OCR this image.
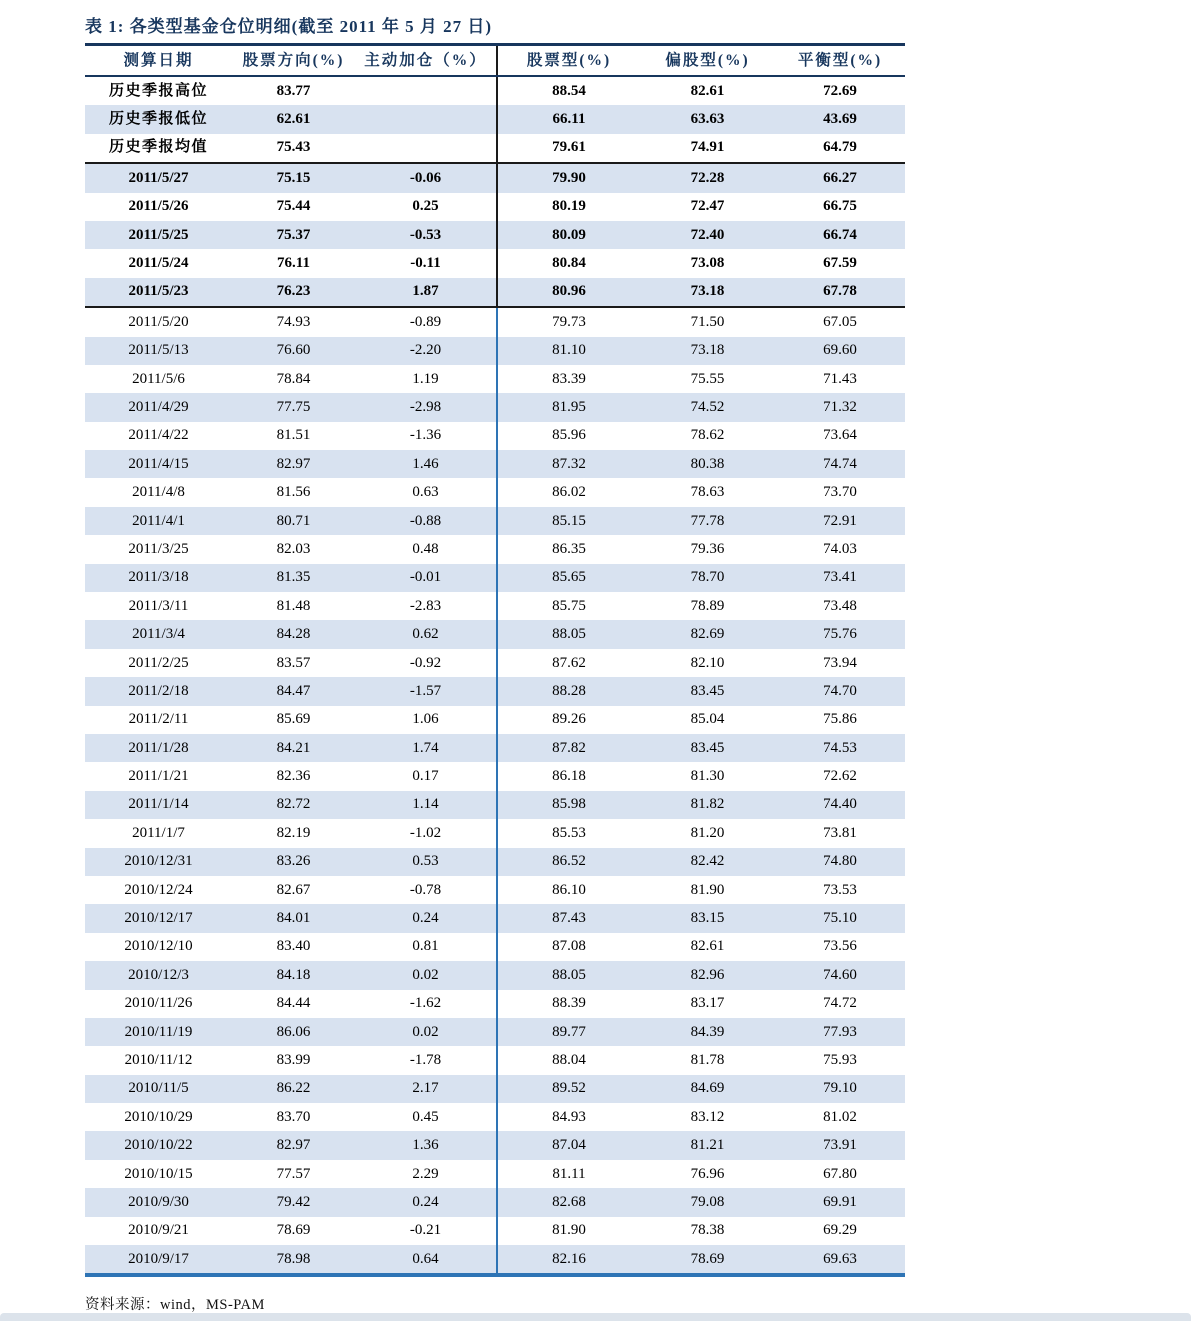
表 1: 各类型基金仓位明细(截至 2011 年 5 月 27 日)
测算日期	股票方向(%)	主动加仓（%）	股票型(%)	偏股型(%)	平衡型(%)
历史季报高位	83.77		88.54	82.61	72.69
历史季报低位	62.61		66.11	63.63	43.69
历史季报均值	75.43		79.61	74.91	64.79
2011/5/27	75.15	-0.06	79.90	72.28	66.27
2011/5/26	75.44	0.25	80.19	72.47	66.75
2011/5/25	75.37	-0.53	80.09	72.40	66.74
2011/5/24	76.11	-0.11	80.84	73.08	67.59
2011/5/23	76.23	1.87	80.96	73.18	67.78
2011/5/20	74.93	-0.89	79.73	71.50	67.05
2011/5/13	76.60	-2.20	81.10	73.18	69.60
2011/5/6	78.84	1.19	83.39	75.55	71.43
2011/4/29	77.75	-2.98	81.95	74.52	71.32
2011/4/22	81.51	-1.36	85.96	78.62	73.64
2011/4/15	82.97	1.46	87.32	80.38	74.74
2011/4/8	81.56	0.63	86.02	78.63	73.70
2011/4/1	80.71	-0.88	85.15	77.78	72.91
2011/3/25	82.03	0.48	86.35	79.36	74.03
2011/3/18	81.35	-0.01	85.65	78.70	73.41
2011/3/11	81.48	-2.83	85.75	78.89	73.48
2011/3/4	84.28	0.62	88.05	82.69	75.76
2011/2/25	83.57	-0.92	87.62	82.10	73.94
2011/2/18	84.47	-1.57	88.28	83.45	74.70
2011/2/11	85.69	1.06	89.26	85.04	75.86
2011/1/28	84.21	1.74	87.82	83.45	74.53
2011/1/21	82.36	0.17	86.18	81.30	72.62
2011/1/14	82.72	1.14	85.98	81.82	74.40
2011/1/7	82.19	-1.02	85.53	81.20	73.81
2010/12/31	83.26	0.53	86.52	82.42	74.80
2010/12/24	82.67	-0.78	86.10	81.90	73.53
2010/12/17	84.01	0.24	87.43	83.15	75.10
2010/12/10	83.40	0.81	87.08	82.61	73.56
2010/12/3	84.18	0.02	88.05	82.96	74.60
2010/11/26	84.44	-1.62	88.39	83.17	74.72
2010/11/19	86.06	0.02	89.77	84.39	77.93
2010/11/12	83.99	-1.78	88.04	81.78	75.93
2010/11/5	86.22	2.17	89.52	84.69	79.10
2010/10/29	83.70	0.45	84.93	83.12	81.02
2010/10/22	82.97	1.36	87.04	81.21	73.91
2010/10/15	77.57	2.29	81.11	76.96	67.80
2010/9/30	79.42	0.24	82.68	79.08	69.91
2010/9/21	78.69	-0.21	81.90	78.38	69.29
2010/9/17	78.98	0.64	82.16	78.69	69.63
资料来源：wind，MS-PAM
